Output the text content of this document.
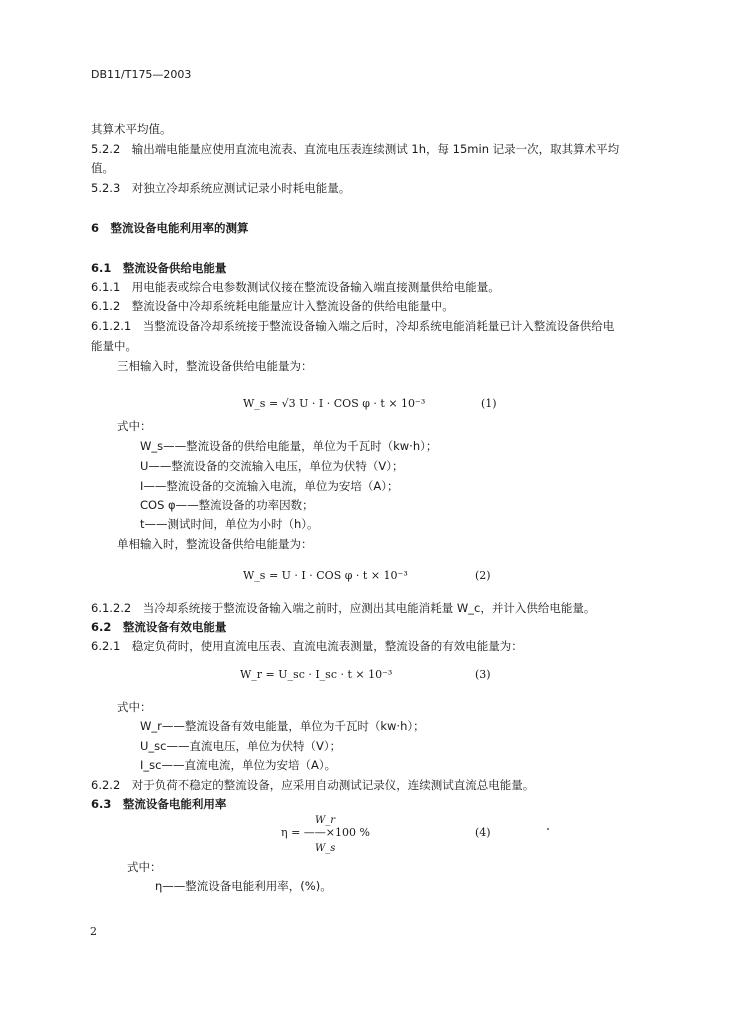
DB11/T175—2003
其算术平均值。
5.2.2　输出端电能量应使用直流电流表、直流电压表连续测试 1h，每 15min 记录一次，取其算术平均
值。
5.2.3　对独立冷却系统应测试记录小时耗电能量。
6　整流设备电能利用率的测算
6.1　整流设备供给电能量
6.1.1　用电能表或综合电参数测试仪接在整流设备输入端直接测量供给电能量。
6.1.2　整流设备中冷却系统耗电能量应计入整流设备的供给电能量中。
6.1.2.1　当整流设备冷却系统接于整流设备输入端之后时，冷却系统电能消耗量已计入整流设备供给电
能量中。
三相输入时，整流设备供给电能量为：
W_s = √3 U · I · COS φ · t × 10⁻³	(1)
式中：
W_s——整流设备的供给电能量，单位为千瓦时（kw·h）；
U——整流设备的交流输入电压，单位为伏特（V）；
I——整流设备的交流输入电流，单位为安培（A）；
COS φ——整流设备的功率因数；
t——测试时间，单位为小时（h）。
单相输入时，整流设备供给电能量为：
W_s = U · I · COS φ · t × 10⁻³	(2)
6.1.2.2　当冷却系统接于整流设备输入端之前时，应测出其电能消耗量 W_c，并计入供给电能量。
6.2　整流设备有效电能量
6.2.1　稳定负荷时，使用直流电压表、直流电流表测量，整流设备的有效电能量为：
W_r = U_sc · I_sc · t × 10⁻³	(3)
式中：
W_r——整流设备有效电能量，单位为千瓦时（kw·h）；
U_sc——直流电压，单位为伏特（V）；
I_sc——直流电流，单位为安培（A）。
6.2.2　对于负荷不稳定的整流设备，应采用自动测试记录仪，连续测试直流总电能量。
6.3　整流设备电能利用率
W_r
η = ——×100 %
W_s
(4)
式中：
η——整流设备电能利用率，(%)。
2
